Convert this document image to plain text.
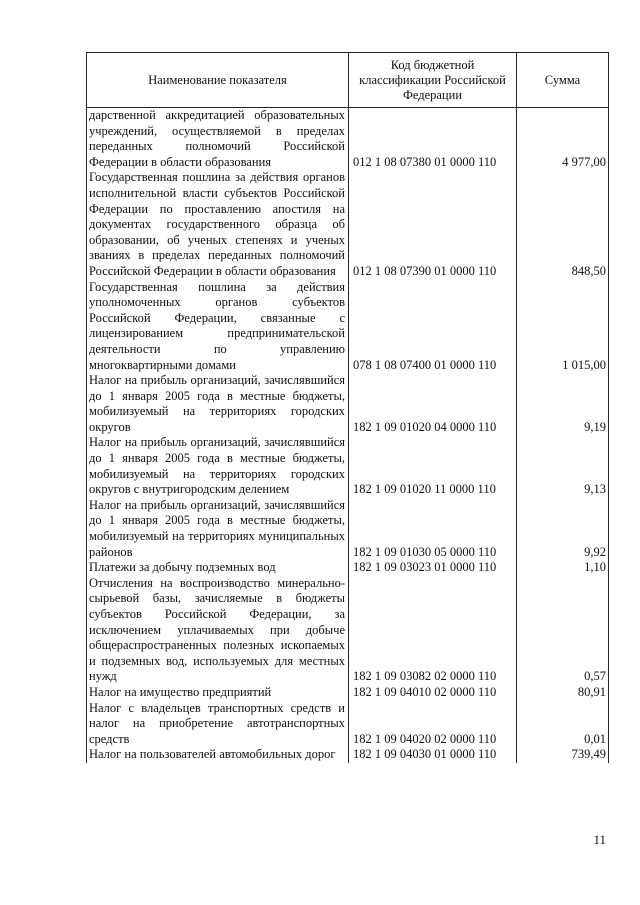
Наименование показателя	Код бюджетной классификации Российской Федерации	Сумма
дарственной аккредитацией образовательных учреждений, осуществляемой в пределах переданных полномочий Российской Федерации в области образования	012 1 08 07380 01 0000 110	4 977,00
Государственная пошлина за действия органов исполнительной власти субъектов Российской Федерации по проставлению апостиля на документах государственного образца об образовании, об ученых степенях и ученых званиях в пределах переданных полномочий Российской Федерации в области образования	012 1 08 07390 01 0000 110	848,50
Государственная пошлина за действия уполномоченных органов субъектов Российской Федерации, связанные с лицензированием предпринимательской деятельности по управлению многоквартирными домами	078 1 08 07400 01 0000 110	1 015,00
Налог на прибыль организаций, зачислявшийся до 1 января 2005 года в местные бюджеты, мобилизуемый на территориях городских округов	182 1 09 01020 04 0000 110	9,19
Налог на прибыль организаций, зачислявшийся до 1 января 2005 года в местные бюджеты, мобилизуемый на территориях городских округов с внутригородским делением	182 1 09 01020 11 0000 110	9,13
Налог на прибыль организаций, зачислявшийся до 1 января 2005 года в местные бюджеты, мобилизуемый на территориях муниципальных районов	182 1 09 01030 05 0000 110	9,92
Платежи за добычу подземных вод	182 1 09 03023 01 0000 110	1,10
Отчисления на воспроизводство минерально-сырьевой базы, зачисляемые в бюджеты субъектов Российской Федерации, за исключением уплачиваемых при добыче общераспространенных полезных ископаемых и подземных вод, используемых для местных нужд	182 1 09 03082 02 0000 110	0,57
Налог на имущество предприятий	182 1 09 04010 02 0000 110	80,91
Налог с владельцев транспортных средств и налог на приобретение автотранспортных средств	182 1 09 04020 02 0000 110	0,01
Налог на пользователей автомобильных дорог	182 1 09 04030 01 0000 110	739,49
11
